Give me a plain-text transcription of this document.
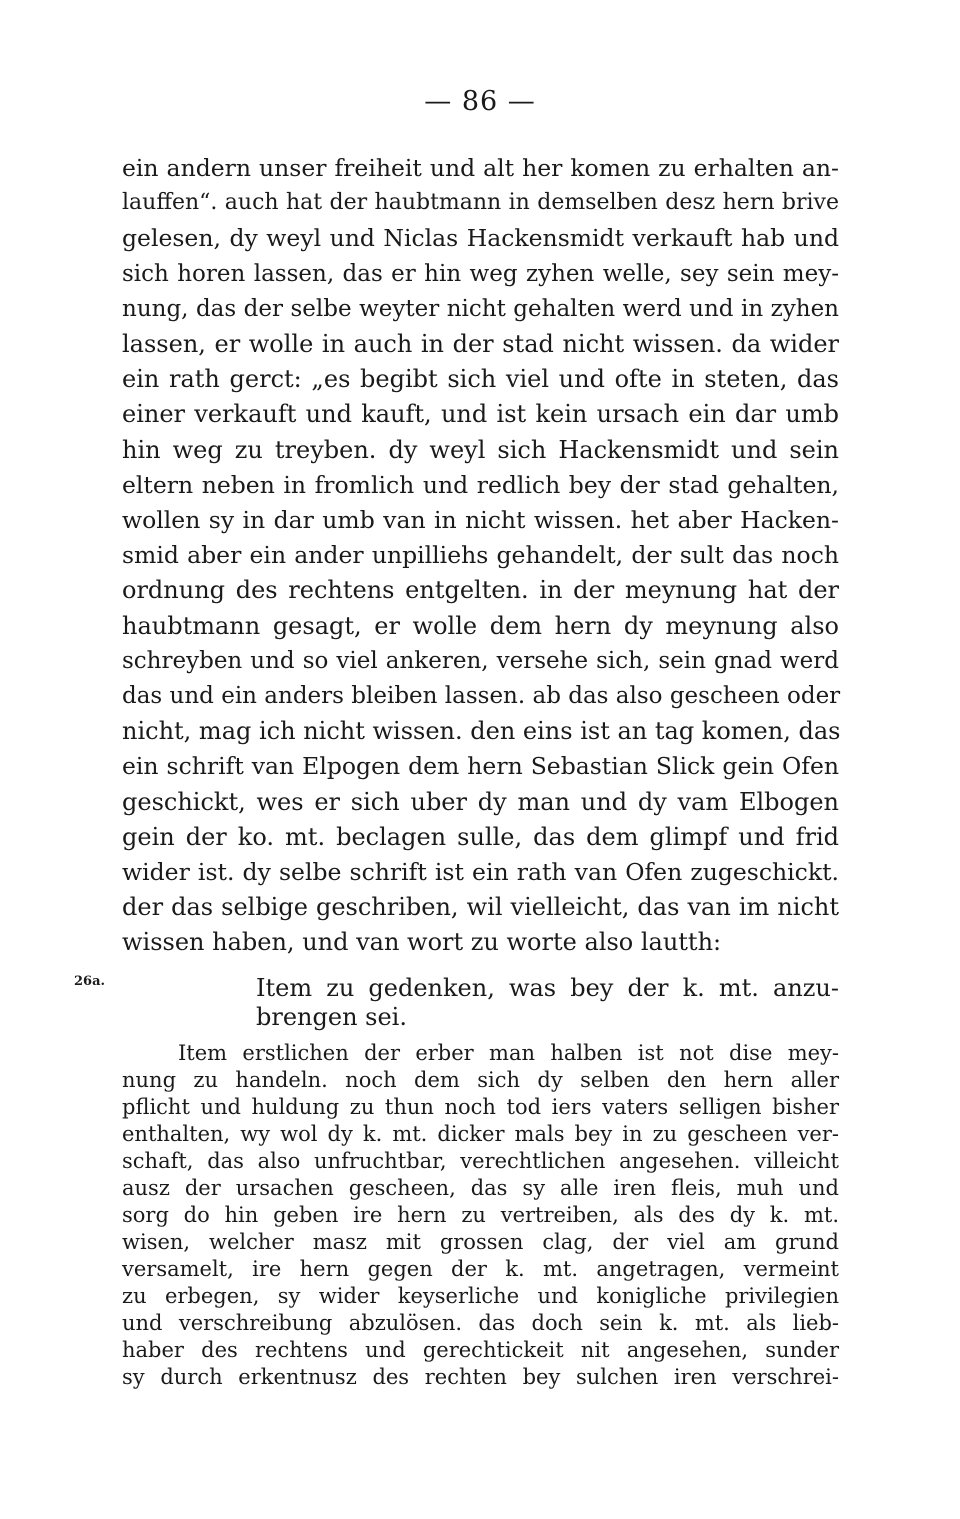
— 86 —
ein andern unser freiheit und alt her komen zu erhalten an-
lauffen“. auch hat der haubtmann in demselben desz hern brive
gelesen, dy weyl und Niclas Hackensmidt verkauft hab und
sich horen lassen, das er hin weg zyhen welle, sey sein mey-
nung, das der selbe weyter nicht gehalten werd und in zyhen
lassen, er wolle in auch in der stad nicht wissen. da wider
ein rath gerct: „es begibt sich viel und ofte in steten, das
einer verkauft und kauft, und ist kein ursach ein dar umb
hin weg zu treyben. dy weyl sich Hackensmidt und sein
eltern neben in fromlich und redlich bey der stad gehalten,
wollen sy in dar umb van in nicht wissen. het aber Hacken-
smid aber ein ander unpilliehs gehandelt, der sult das noch
ordnung des rechtens entgelten. in der meynung hat der
haubtmann gesagt, er wolle dem hern dy meynung also
schreyben und so viel ankeren, versehe sich, sein gnad werd
das und ein anders bleiben lassen. ab das also gescheen oder
nicht, mag ich nicht wissen. den eins ist an tag komen, das
ein schrift van Elpogen dem hern Sebastian Slick gein Ofen
geschickt, wes er sich uber dy man und dy vam Elbogen
gein der ko. mt. beclagen sulle, das dem glimpf und frid
wider ist. dy selbe schrift ist ein rath van Ofen zugeschickt.
der das selbige geschriben, wil vielleicht, das van im nicht
wissen haben, und van wort zu worte also lautth:
26a.	Item zu gedenken, was bey der k. mt. anzu-
brengen sei.
Item erstlichen der erber man halben ist not dise mey-
nung zu handeln. noch dem sich dy selben den hern aller
pflicht und huldung zu thun noch tod iers vaters selligen bisher
enthalten, wy wol dy k. mt. dicker mals bey in zu gescheen ver-
schaft, das also unfruchtbar, verechtlichen angesehen. villeicht
ausz der ursachen gescheen, das sy alle iren fleis, muh und
sorg do hin geben ire hern zu vertreiben, als des dy k. mt.
wisen, welcher masz mit grossen clag, der viel am grund
versamelt, ire hern gegen der k. mt. angetragen, vermeint
zu erbegen, sy wider keyserliche und konigliche privilegien
und verschreibung abzulösen. das doch sein k. mt. als lieb-
haber des rechtens und gerechtickeit nit angesehen, sunder
sy durch erkentnusz des rechten bey sulchen iren verschrei-
